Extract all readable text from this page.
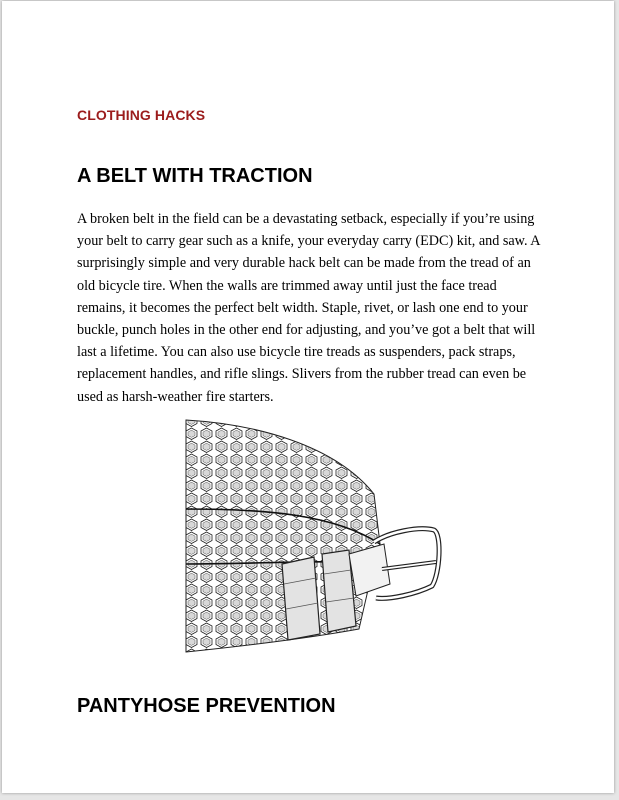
CLOTHING HACKS
A BELT WITH TRACTION

A broken belt in the field can be a devastating setback, especially if you’re using your belt to carry gear such as a knife, your everyday carry (EDC) kit, and saw. A surprisingly simple and very durable hack belt can be made from the tread of an old bicycle tire. When the walls are trimmed away until just the face tread remains, it becomes the perfect belt width. Staple, rivet, or lash one end to your buckle, punch holes in the other end for adjusting, and you’ve got a belt that will last a lifetime. You can also use bicycle tire treads as suspenders, pack straps, replacement handles, and rifle slings. Slivers from the rubber tread can even be used as harsh-weather fire starters.

PANTYHOSE PREVENTION
